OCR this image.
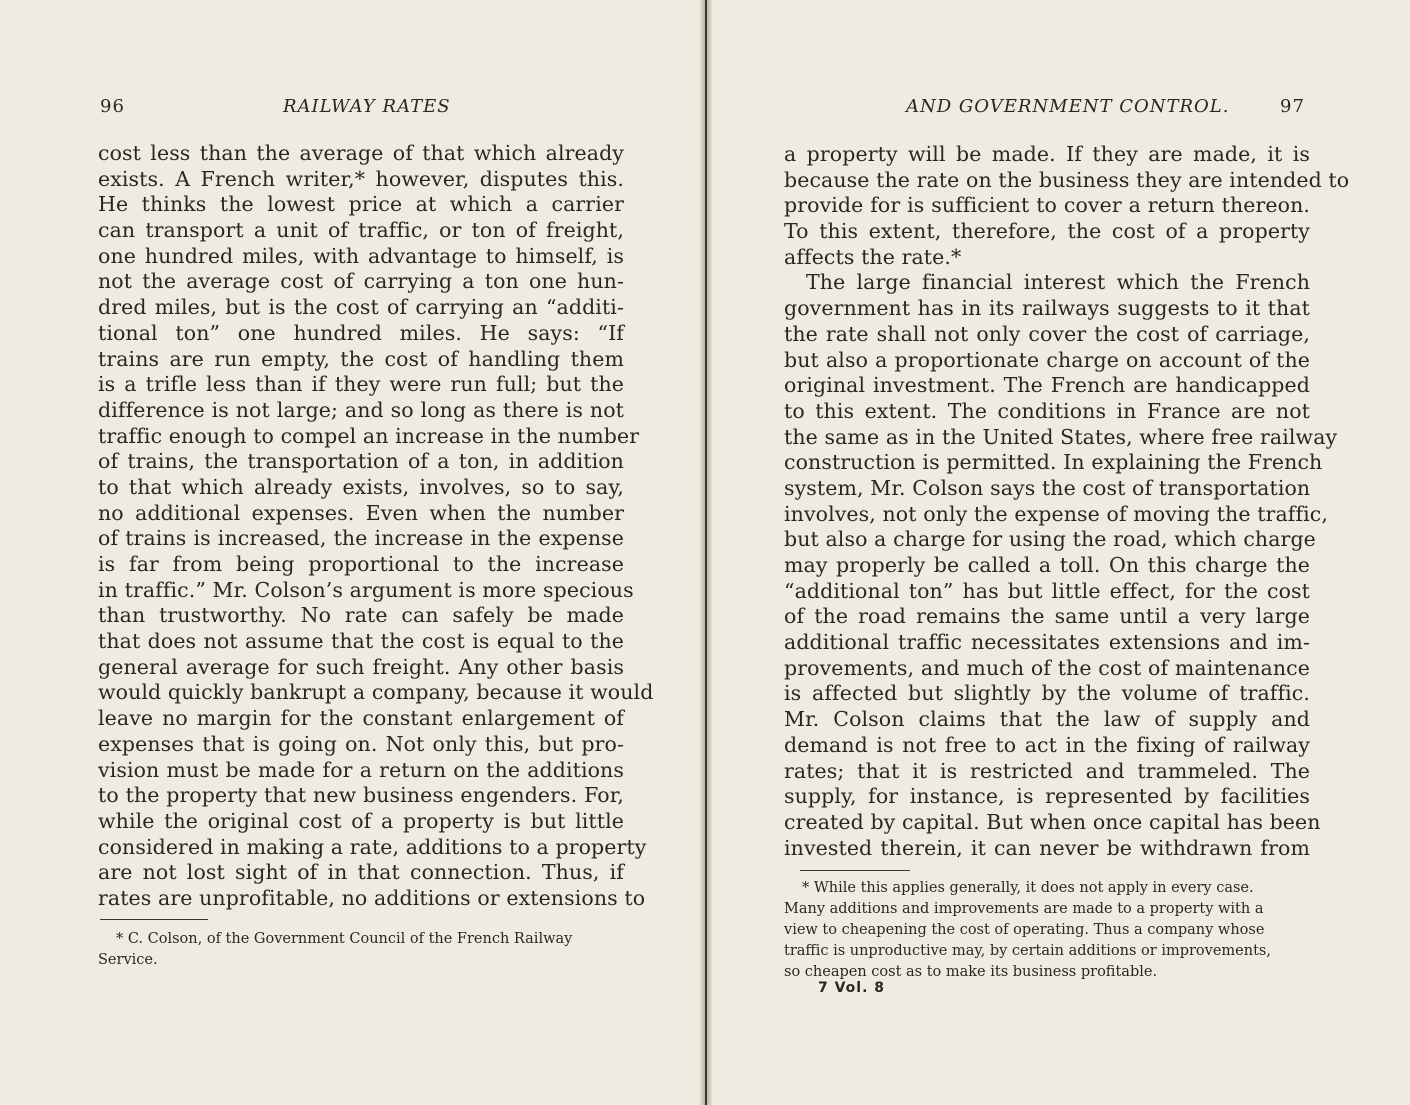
96	RAILWAY RATES
cost less than the average of that which already
exists. A French writer,* however, disputes this.
He thinks the lowest price at which a carrier
can transport a unit of traffic, or ton of freight,
one hundred miles, with advantage to himself, is
not the average cost of carrying a ton one hun-
dred miles, but is the cost of carrying an “additi-
tional ton” one hundred miles. He says: “If
trains are run empty, the cost of handling them
is a trifle less than if they were run full; but the
difference is not large; and so long as there is not
traffic enough to compel an increase in the number
of trains, the transportation of a ton, in addition
to that which already exists, involves, so to say,
no additional expenses. Even when the number
of trains is increased, the increase in the expense
is far from being proportional to the increase
in traffic.” Mr. Colson’s argument is more specious
than trustworthy. No rate can safely be made
that does not assume that the cost is equal to the
general average for such freight. Any other basis
would quickly bankrupt a company, because it would
leave no margin for the constant enlargement of
expenses that is going on. Not only this, but pro-
vision must be made for a return on the additions
to the property that new business engenders. For,
while the original cost of a property is but little
considered in making a rate, additions to a property
are not lost sight of in that connection. Thus, if
rates are unprofitable, no additions or extensions to
* C. Colson, of the Government Council of the French Railway
Service.
AND GOVERNMENT CONTROL.	97
a property will be made. If they are made, it is
because the rate on the business they are intended to
provide for is sufficient to cover a return thereon.
To this extent, therefore, the cost of a property
affects the rate.*
The large financial interest which the French
government has in its railways suggests to it that
the rate shall not only cover the cost of carriage,
but also a proportionate charge on account of the
original investment. The French are handicapped
to this extent. The conditions in France are not
the same as in the United States, where free railway
construction is permitted. In explaining the French
system, Mr. Colson says the cost of transportation
involves, not only the expense of moving the traffic,
but also a charge for using the road, which charge
may properly be called a toll. On this charge the
“additional ton” has but little effect, for the cost
of the road remains the same until a very large
additional traffic necessitates extensions and im-
provements, and much of the cost of maintenance
is affected but slightly by the volume of traffic.
Mr. Colson claims that the law of supply and
demand is not free to act in the fixing of railway
rates; that it is restricted and trammeled. The
supply, for instance, is represented by facilities
created by capital. But when once capital has been
invested therein, it can never be withdrawn from
* While this applies generally, it does not apply in every case.
Many additions and improvements are made to a property with a
view to cheapening the cost of operating. Thus a company whose
traffic is unproductive may, by certain additions or improvements,
so cheapen cost as to make its business profitable.
7 Vol. 8
